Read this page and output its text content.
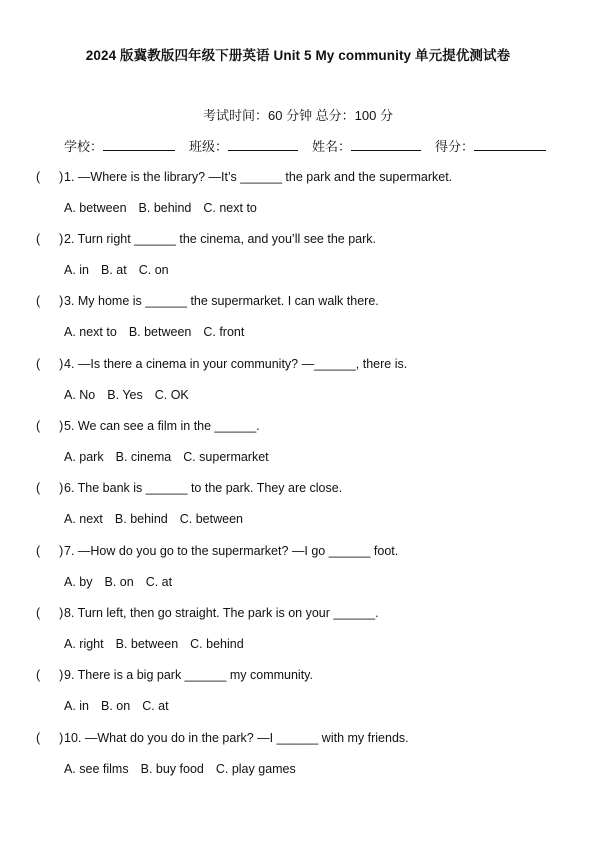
2024 版冀教版四年级下册英语 Unit 5 My community 单元提优测试卷
考试时间：60 分钟 总分：100 分
学校：	班级：	姓名：	得分：
( )1. —Where is the library? —It’s ______ the park and the supermarket.
A. between B. behind C. next to
( )2. Turn right ______ the cinema, and you’ll see the park.
A. in B. at C. on
( )3. My home is ______ the supermarket. I can walk there.
A. next to B. between C. front
( )4. —Is there a cinema in your community? —______, there is.
A. No B. Yes C. OK
( )5. We can see a film in the ______.
A. park B. cinema C. supermarket
( )6. The bank is ______ to the park. They are close.
A. next B. behind C. between
( )7. —How do you go to the supermarket? —I go ______ foot.
A. by B. on C. at
( )8. Turn left, then go straight. The park is on your ______.
A. right B. between C. behind
( )9. There is a big park ______ my community.
A. in B. on C. at
( )10. —What do you do in the park? —I ______ with my friends.
A. see films B. buy food C. play games
